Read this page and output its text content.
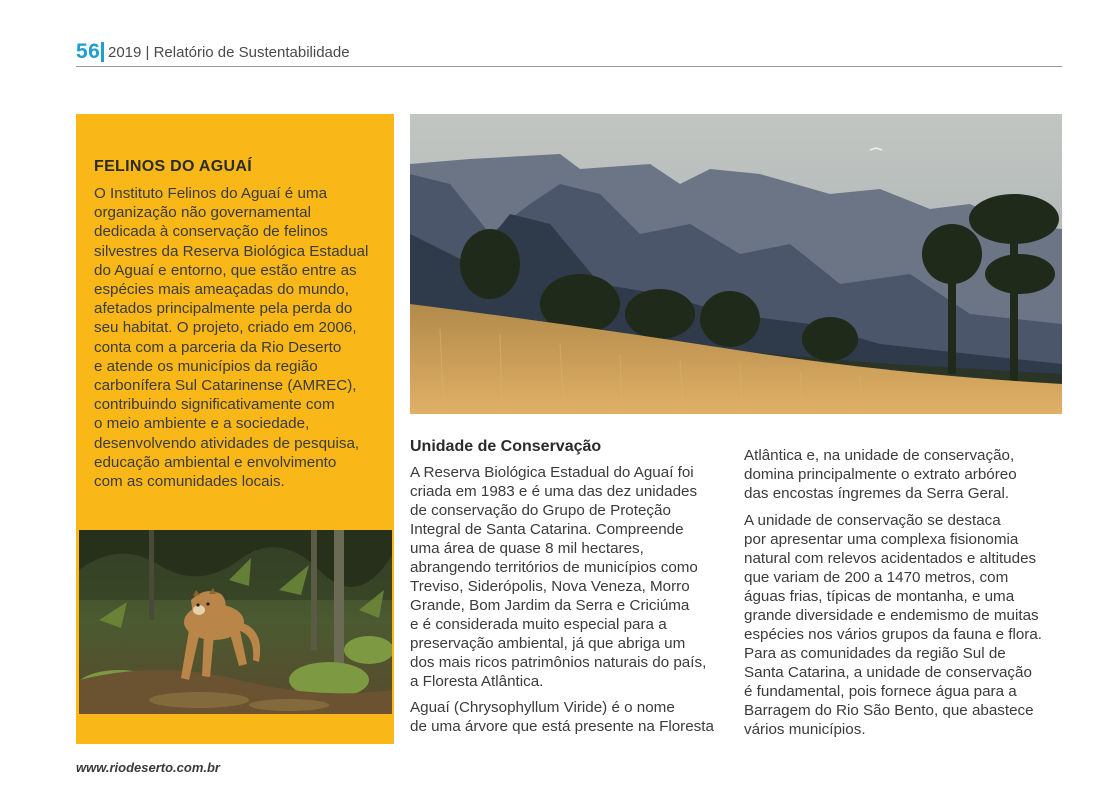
56 2019 | Relatório de Sustentabilidade
FELINOS DO AGUAÍ
O Instituto Felinos do Aguaí é uma
organização não governamental
dedicada à conservação de felinos
silvestres da Reserva Biológica Estadual
do Aguaí e entorno, que estão entre as
espécies mais ameaçadas do mundo,
afetados principalmente pela perda do
seu habitat. O projeto, criado em 2006,
conta com a parceria da Rio Deserto
e atende os municípios da região
carbonífera Sul Catarinense (AMREC),
contribuindo significativamente com
o meio ambiente e a sociedade,
desenvolvendo atividades de pesquisa,
educação ambiental e envolvimento
com as comunidades locais.
Unidade de Conservação
A Reserva Biológica Estadual do Aguaí foi
criada em 1983 e é uma das dez unidades
de conservação do Grupo de Proteção
Integral de Santa Catarina. Compreende
uma área de quase 8 mil hectares,
abrangendo territórios de municípios como
Treviso, Siderópolis, Nova Veneza, Morro
Grande, Bom Jardim da Serra e Criciúma
e é considerada muito especial para a
preservação ambiental, já que abriga um
dos mais ricos patrimônios naturais do país,
a Floresta Atlântica.
Aguaí (Chrysophyllum Viride) é o nome
de uma árvore que está presente na Floresta
Atlântica e, na unidade de conservação,
domina principalmente o extrato arbóreo
das encostas íngremes da Serra Geral.
A unidade de conservação se destaca
por apresentar uma complexa fisionomia
natural com relevos acidentados e altitudes
que variam de 200 a 1470 metros, com
águas frias, típicas de montanha, e uma
grande diversidade e endemismo de muitas
espécies nos vários grupos da fauna e flora.
Para as comunidades da região Sul de
Santa Catarina, a unidade de conservação
é fundamental, pois fornece água para a
Barragem do Rio São Bento, que abastece
vários municípios.
www.riodeserto.com.br
